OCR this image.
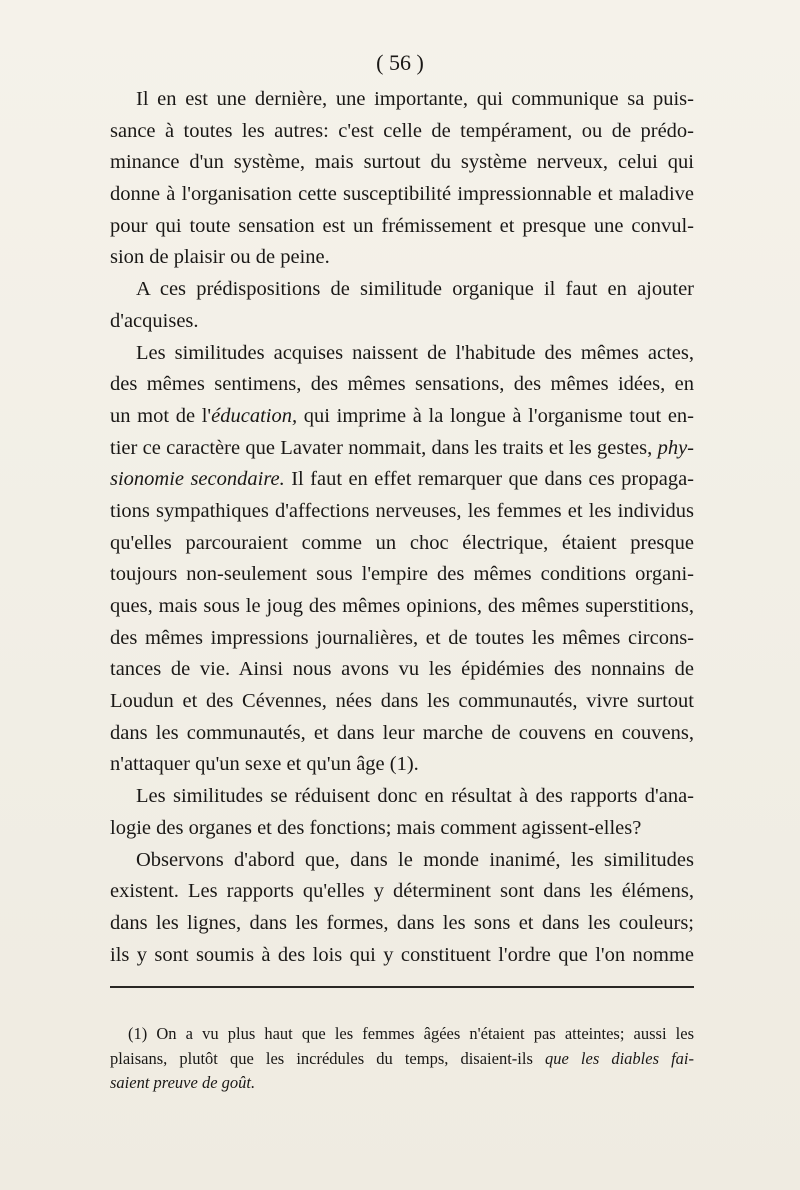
( 56 )
Il en est une dernière, une importante, qui communique sa puis-
sance à toutes les autres: c'est celle de tempérament, ou de prédo-
minance d'un système, mais surtout du système nerveux, celui qui
donne à l'organisation cette susceptibilité impressionnable et maladive
pour qui toute sensation est un frémissement et presque une convul-
sion de plaisir ou de peine.
A ces prédispositions de similitude organique il faut en ajouter
d'acquises.
Les similitudes acquises naissent de l'habitude des mêmes actes,
des mêmes sentimens, des mêmes sensations, des mêmes idées, en
un mot de l'éducation, qui imprime à la longue à l'organisme tout en-
tier ce caractère que Lavater nommait, dans les traits et les gestes, phy-
sionomie secondaire. Il faut en effet remarquer que dans ces propaga-
tions sympathiques d'affections nerveuses, les femmes et les individus
qu'elles parcouraient comme un choc électrique, étaient presque
toujours non-seulement sous l'empire des mêmes conditions organi-
ques, mais sous le joug des mêmes opinions, des mêmes superstitions,
des mêmes impressions journalières, et de toutes les mêmes circons-
tances de vie. Ainsi nous avons vu les épidémies des nonnains de
Loudun et des Cévennes, nées dans les communautés, vivre surtout
dans les communautés, et dans leur marche de couvens en couvens,
n'attaquer qu'un sexe et qu'un âge (1).
Les similitudes se réduisent donc en résultat à des rapports d'ana-
logie des organes et des fonctions; mais comment agissent-elles?
Observons d'abord que, dans le monde inanimé, les similitudes
existent. Les rapports qu'elles y déterminent sont dans les élémens,
dans les lignes, dans les formes, dans les sons et dans les couleurs;
ils y sont soumis à des lois qui y constituent l'ordre que l'on nomme
(1) On a vu plus haut que les femmes âgées n'étaient pas atteintes; aussi les
plaisans, plutôt que les incrédules du temps, disaient-ils que les diables fai-
saient preuve de goût.
